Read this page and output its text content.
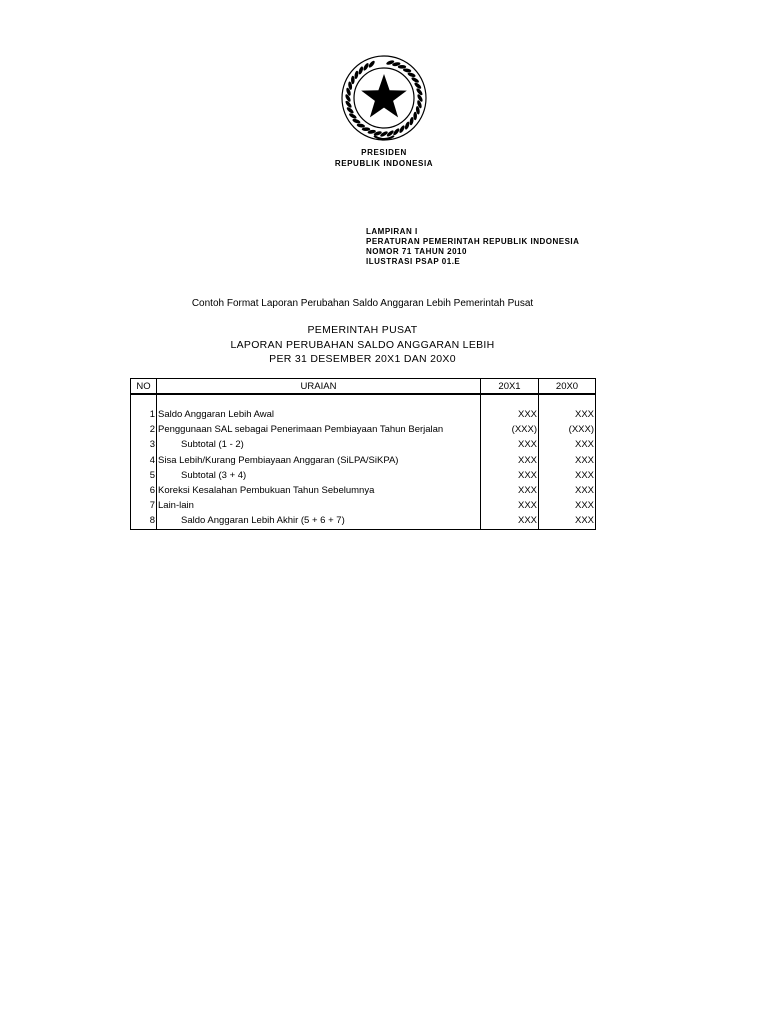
PRESIDEN
REPUBLIK INDONESIA
LAMPIRAN I
PERATURAN PEMERINTAH REPUBLIK INDONESIA
NOMOR 71 TAHUN 2010
ILUSTRASI PSAP 01.E
Contoh Format Laporan Perubahan Saldo Anggaran Lebih Pemerintah Pusat
PEMERINTAH PUSAT
LAPORAN PERUBAHAN SALDO ANGGARAN LEBIH
PER 31 DESEMBER 20X1 DAN 20X0
NO	URAIAN	20X1	20X0

1	Saldo Anggaran Lebih Awal	XXX	XXX
2	Penggunaan SAL sebagai Penerimaan Pembiayaan Tahun Berjalan	(XXX)	(XXX)
3	Subtotal (1 - 2)	XXX	XXX
4	Sisa Lebih/Kurang Pembiayaan Anggaran (SiLPA/SiKPA)	XXX	XXX
5	Subtotal (3 + 4)	XXX	XXX
6	Koreksi Kesalahan Pembukuan Tahun Sebelumnya	XXX	XXX
7	Lain-lain	XXX	XXX
8	Saldo Anggaran Lebih Akhir (5 + 6 + 7)	XXX	XXX
